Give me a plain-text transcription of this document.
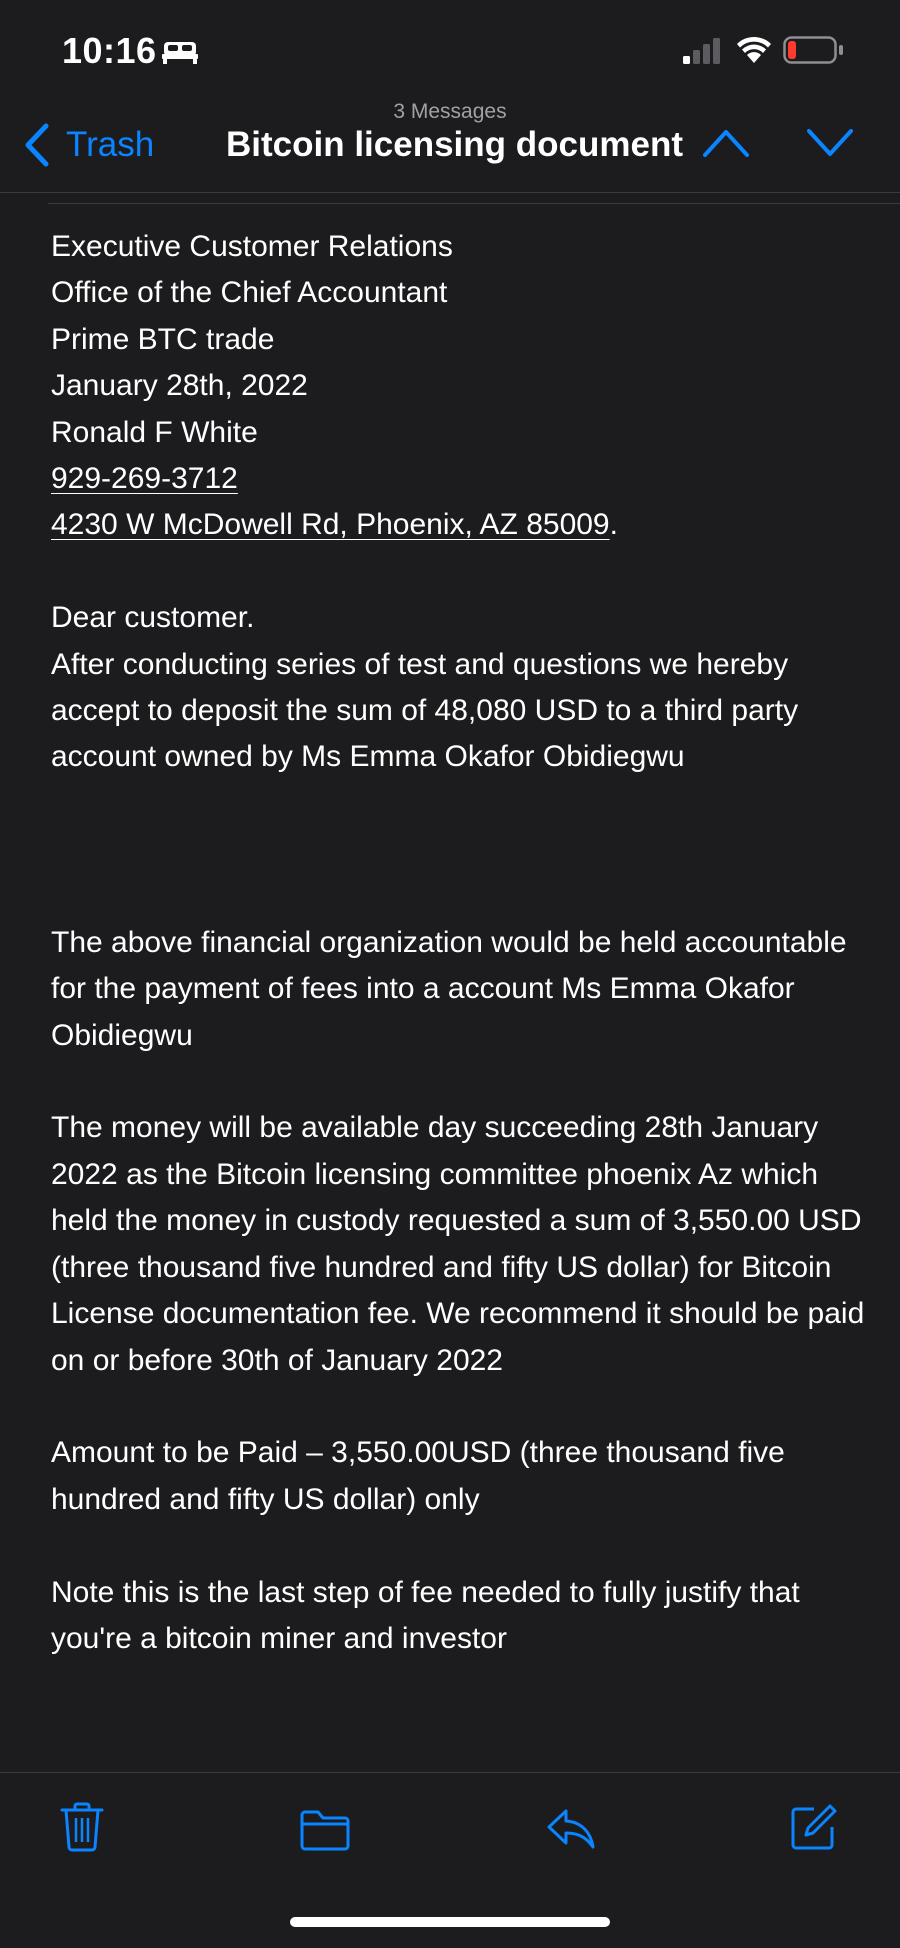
10:16
3 Messages
Trash Bitcoin licensing document

Executive Customer Relations

Office of the Chief Accountant

Prime BTC trade

January 28th, 2022

Ronald F White

929-269-3712

4230 W McDowell Rd, Phoenix, AZ 85009.

Dear customer.

After conducting series of test and questions we hereby accept to deposit the sum of 48,080 USD to a third party account owned by Ms Emma Okafor Obidiegwu

The above financial organization would be held accountable for the payment of fees into a account Ms Emma Okafor Obidiegwu

The money will be available day succeeding 28th January 2022 as the Bitcoin licensing committee phoenix Az which held the money in custody requested a sum of 3,550.00 USD (three thousand five hundred and fifty US dollar) for Bitcoin License documentation fee. We recommend it should be paid on or before 30th of January 2022

Amount to be Paid – 3,550.00USD (three thousand five hundred and fifty US dollar) only

Note this is the last step of fee needed to fully justify that you're a bitcoin miner and investor
